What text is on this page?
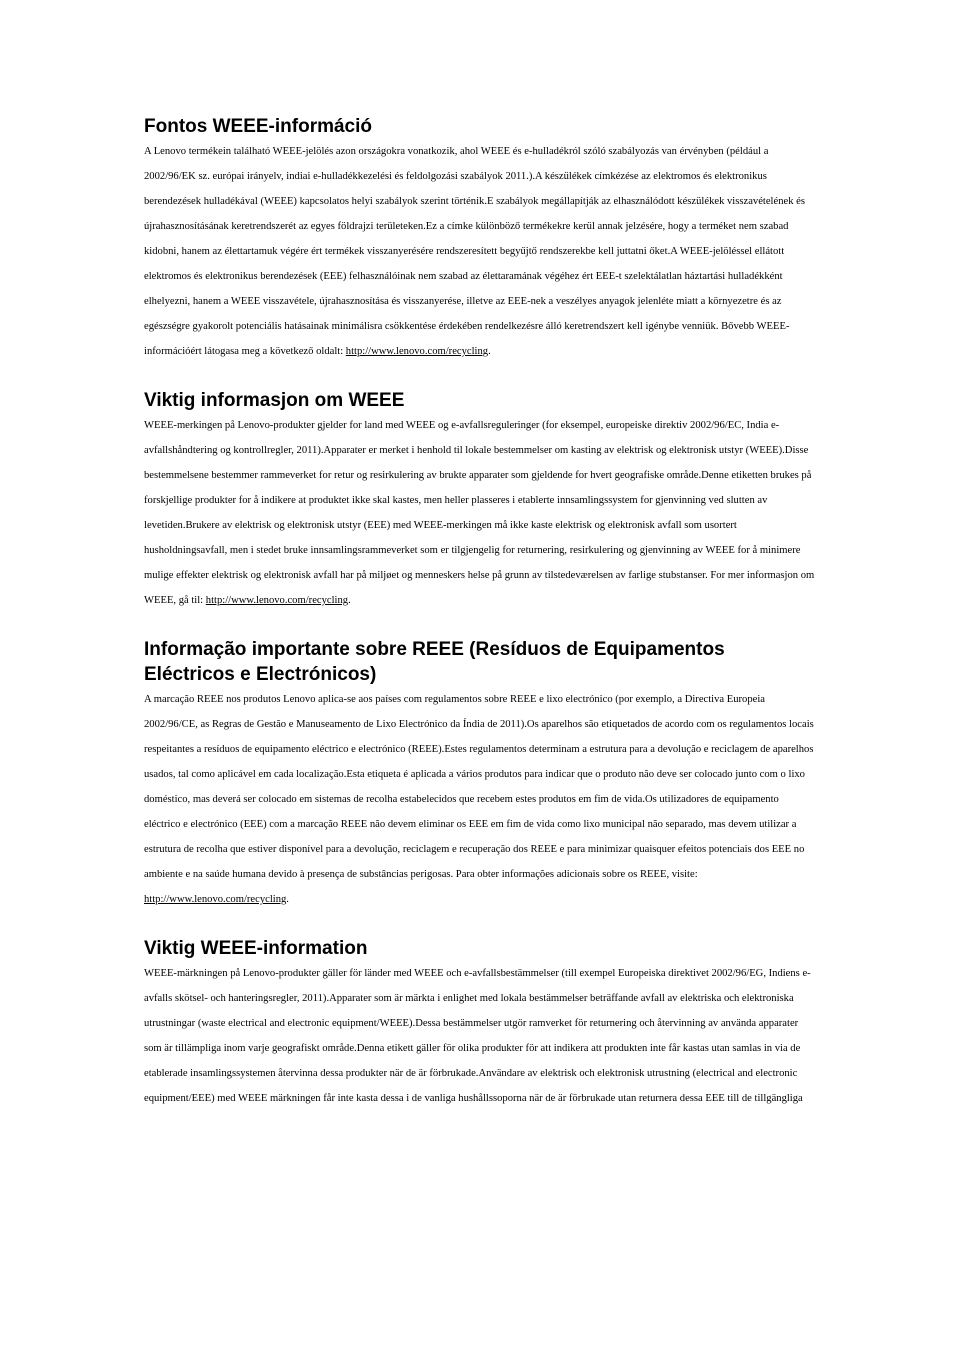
Fontos WEEE-információ

A Lenovo termékein található WEEE-jelölés azon országokra vonatkozik, ahol WEEE és e-hulladékról szóló szabályozás van érvényben (például a 2002/96/EK sz. európai irányelv, indiai e-hulladékkezelési és feldolgozási szabályok 2011.).A készülékek címkézése az elektromos és elektronikus berendezések hulladékával (WEEE) kapcsolatos helyi szabályok szerint történik.E szabályok megállapítják az elhasználódott készülékek visszavételének és újrahasznosításának keretrendszerét az egyes földrajzi területeken.Ez a címke különböző termékekre kerül annak jelzésére, hogy a terméket nem szabad kidobni, hanem az élettartamuk végére ért termékek visszanyerésére rendszeresített begyűjtő rendszerekbe kell juttatni őket.A WEEE-jelöléssel ellátott elektromos és elektronikus berendezések (EEE) felhasználóinak nem szabad az élettaramának végéhez ért EEE-t szelektálatlan háztartási hulladékként elhelyezni, hanem a WEEE visszavétele, újrahasznosítása és visszanyerése, illetve az EEE-nek a veszélyes anyagok jelenléte miatt a környezetre és az egészségre gyakorolt potenciális hatásainak minimálisra csökkentése érdekében rendelkezésre álló keretrendszert kell igénybe venniük. Bővebb WEEE-információért látogasa meg a következő oldalt: http://www.lenovo.com/recycling.

Viktig informasjon om WEEE

WEEE-merkingen på Lenovo-produkter gjelder for land med WEEE og e-avfallsreguleringer (for eksempel, europeiske direktiv 2002/96/EC, India e-avfallshåndtering og kontrollregler, 2011).Apparater er merket i henhold til lokale bestemmelser om kasting av elektrisk og elektronisk utstyr (WEEE).Disse bestemmelsene bestemmer rammeverket for retur og resirkulering av brukte apparater som gjeldende for hvert geografiske område.Denne etiketten brukes på forskjellige produkter for å indikere at produktet ikke skal kastes, men heller plasseres i etablerte innsamlingssystem for gjenvinning ved slutten av levetiden.Brukere av elektrisk og elektronisk utstyr (EEE) med WEEE-merkingen må ikke kaste elektrisk og elektronisk avfall som usortert husholdningsavfall, men i stedet bruke innsamlingsrammeverket som er tilgjengelig for returnering, resirkulering og gjenvinning av WEEE for å minimere mulige effekter elektrisk og elektronisk avfall har på miljøet og menneskers helse på grunn av tilstedeværelsen av farlige stubstanser. For mer informasjon om WEEE, gå til: http://www.lenovo.com/recycling.

Informação importante sobre REEE (Resíduos de Equipamentos Eléctricos e Electrónicos)

A marcação REEE nos produtos Lenovo aplica-se aos países com regulamentos sobre REEE e lixo electrónico (por exemplo, a Directiva Europeia 2002/96/CE, as Regras de Gestão e Manuseamento de Lixo Electrónico da Índia de 2011).Os aparelhos são etiquetados de acordo com os regulamentos locais respeitantes a resíduos de equipamento eléctrico e electrónico (REEE).Estes regulamentos determinam a estrutura para a devolução e reciclagem de aparelhos usados, tal como aplicável em cada localização.Esta etiqueta é aplicada a vários produtos para indicar que o produto não deve ser colocado junto com o lixo doméstico, mas deverá ser colocado em sistemas de recolha estabelecidos que recebem estes produtos em fim de vida.Os utilizadores de equipamento eléctrico e electrónico (EEE) com a marcação REEE não devem eliminar os EEE em fim de vida como lixo municipal não separado, mas devem utilizar a estrutura de recolha que estiver disponível para a devolução, reciclagem e recuperação dos REEE e para minimizar quaisquer efeitos potenciais dos EEE no ambiente e na saúde humana devido à presença de substâncias perigosas. Para obter informações adicionais sobre os REEE, visite: http://www.lenovo.com/recycling.

Viktig WEEE-information

WEEE-märkningen på Lenovo-produkter gäller för länder med WEEE och e-avfallsbestämmelser (till exempel Europeiska direktivet 2002/96/EG, Indiens e-avfalls skötsel- och hanteringsregler, 2011).Apparater som är märkta i enlighet med lokala bestämmelser beträffande avfall av elektriska och elektroniska utrustningar (waste electrical and electronic equipment/WEEE).Dessa bestämmelser utgör ramverket för returnering och återvinning av använda apparater som är tillämpliga inom varje geografiskt område.Denna etikett gäller för olika produkter för att indikera att produkten inte får kastas utan samlas in via de etablerade insamlingssystemen återvinna dessa produkter när de är förbrukade.Användare av elektrisk och elektronisk utrustning (electrical and electronic equipment/EEE) med WEEE märkningen får inte kasta dessa i de vanliga hushållssoporna när de är förbrukade utan returnera dessa EEE till de tillgängliga
